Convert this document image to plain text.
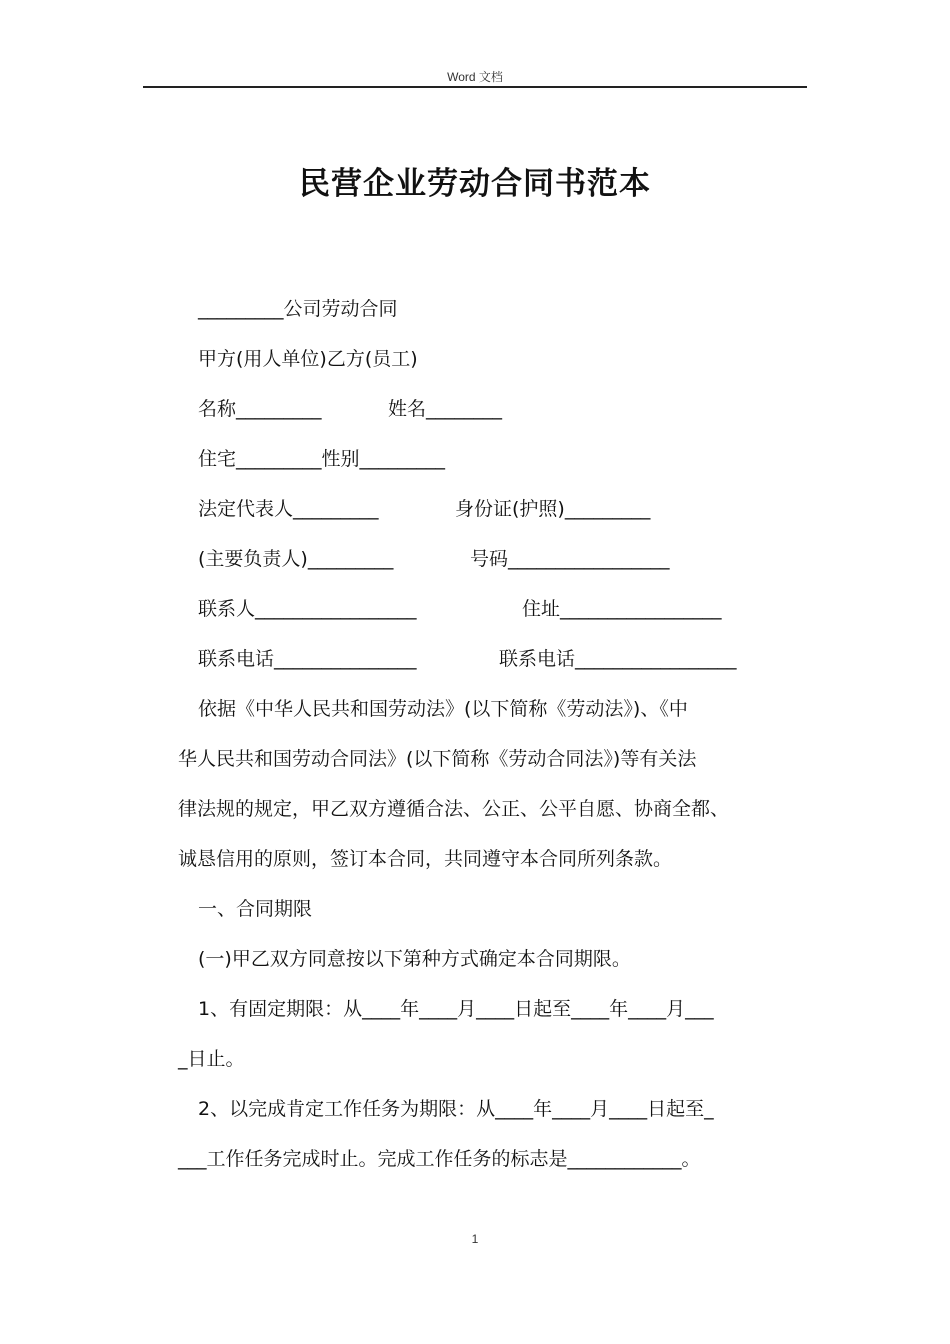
Word 文档
民营企业劳动合同书范本
_________公司劳动合同
甲方(用人单位)乙方(员工)
名称_________	姓名________
住宅_________性别_________
法定代表人_________	身份证(护照)_________
(主要负责人)_________	号码_________________
联系人_________________	住址_________________
联系电话_______________	联系电话_________________
依据《中华人民共和国劳动法》(以下简称《劳动法》)、《中
华人民共和国劳动合同法》(以下简称《劳动合同法》)等有关法
律法规的规定，甲乙双方遵循合法、公正、公平自愿、协商全都、
诚恳信用的原则，签订本合同，共同遵守本合同所列条款。
一、合同期限
(一)甲乙双方同意按以下第种方式确定本合同期限。
1、有固定期限：从____年____月____日起至____年____月___
_日止。
2、以完成肯定工作任务为期限：从____年____月____日起至_
___工作任务完成时止。完成工作任务的标志是____________。
1
